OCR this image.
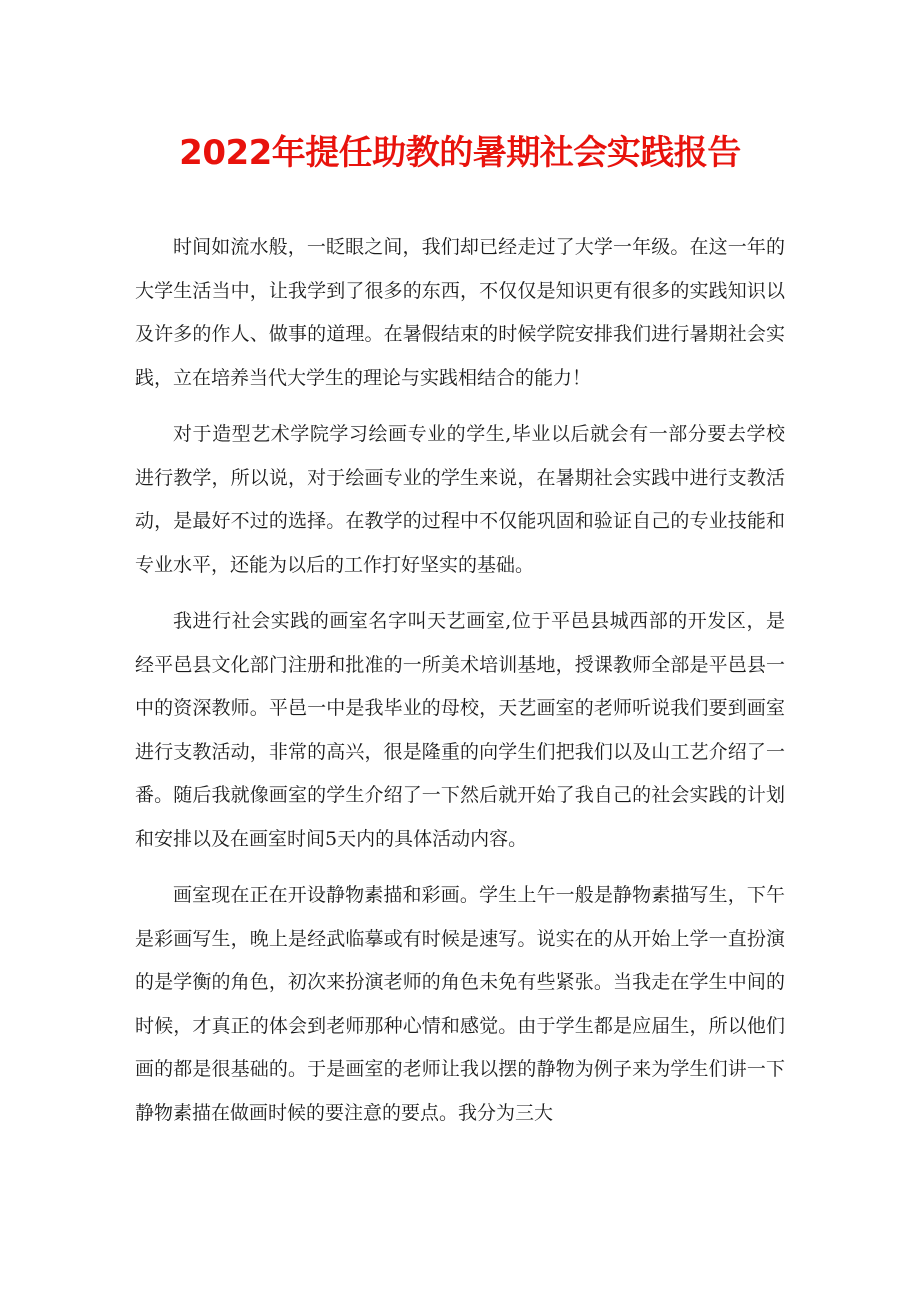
2022年提任助教的暑期社会实践报告

时间如流水般，一眨眼之间，我们却已经走过了大学一年级。在这一年的大学生活当中，让我学到了很多的东西，不仅仅是知识更有很多的实践知识以及许多的作人、做事的道理。在暑假结束的时候学院安排我们进行暑期社会实践，立在培养当代大学生的理论与实践相结合的能力！

对于造型艺术学院学习绘画专业的学生,毕业以后就会有一部分要去学校进行教学，所以说，对于绘画专业的学生来说，在暑期社会实践中进行支教活动，是最好不过的选择。在教学的过程中不仅能巩固和验证自己的专业技能和专业水平，还能为以后的工作打好坚实的基础。

我进行社会实践的画室名字叫天艺画室,位于平邑县城西部的开发区，是经平邑县文化部门注册和批准的一所美术培训基地，授课教师全部是平邑县一中的资深教师。平邑一中是我毕业的母校，天艺画室的老师听说我们要到画室进行支教活动，非常的高兴，很是隆重的向学生们把我们以及山工艺介绍了一番。随后我就像画室的学生介绍了一下然后就开始了我自己的社会实践的计划和安排以及在画室时间5天内的具体活动内容。

画室现在正在开设静物素描和彩画。学生上午一般是静物素描写生，下午是彩画写生，晚上是经武临摹或有时候是速写。说实在的从开始上学一直扮演的是学衡的角色，初次来扮演老师的角色未免有些紧张。当我走在学生中间的时候，才真正的体会到老师那种心情和感觉。由于学生都是应届生，所以他们画的都是很基础的。于是画室的老师让我以摆的静物为例子来为学生们讲一下静物素描在做画时候的要注意的要点。我分为三大
